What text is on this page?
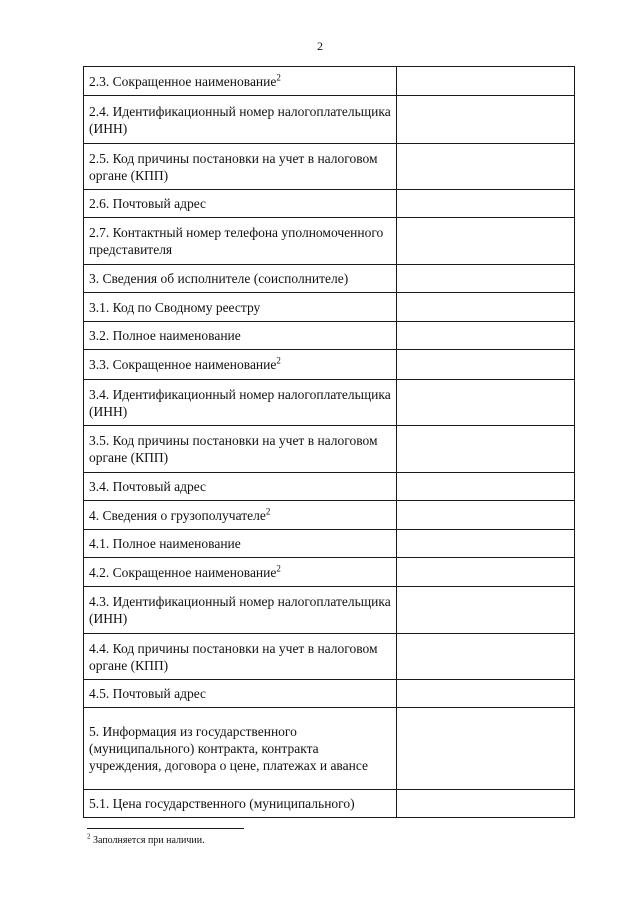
2
2.3. Сокращенное наименование$^2$	
2.4. Идентификационный номер налогоплательщика (ИНН)	
2.5. Код причины постановки на учет в налоговом органе (КПП)	
2.6. Почтовый адрес	
2.7. Контактный номер телефона уполномоченного представителя	
3. Сведения об исполнителе (соисполнителе)	
3.1. Код по Сводному реестру	
3.2. Полное наименование	
3.3. Сокращенное наименование$^2$	
3.4. Идентификационный номер налогоплательщика (ИНН)	
3.5. Код причины постановки на учет в налоговом органе (КПП)	
3.4. Почтовый адрес	
4. Сведения о грузополучателе$^2$	
4.1. Полное наименование	
4.2. Сокращенное наименование$^2$	
4.3. Идентификационный номер налогоплательщика (ИНН)	
4.4. Код причины постановки на учет в налоговом органе (КПП)	
4.5. Почтовый адрес	
5. Информация из государственного (муниципального) контракта, контракта учреждения, договора о цене, платежах и авансе	
5.1. Цена государственного (муниципального)	
$^2$ Заполняется при наличии.
